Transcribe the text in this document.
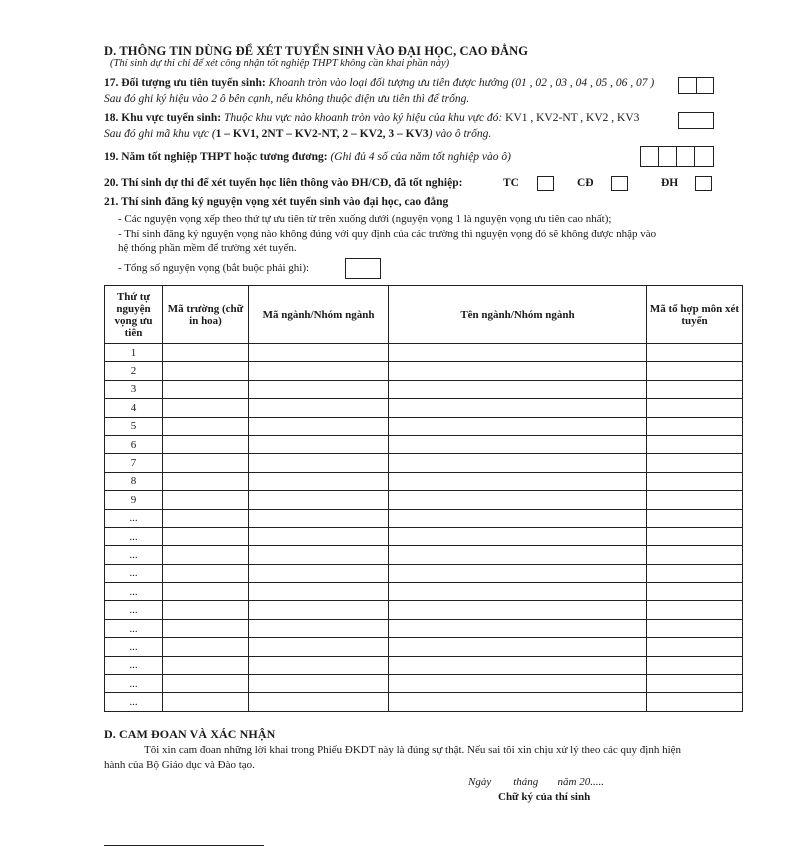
D. THÔNG TIN DÙNG ĐỂ XÉT TUYỂN SINH VÀO ĐẠI HỌC, CAO ĐẲNG
(Thí sinh dự thi chỉ để xét công nhận tốt nghiệp THPT không cần khai phần này)
17. Đối tượng ưu tiên tuyển sinh: Khoanh tròn vào loại đối tượng ưu tiên được hưởng (01 , 02 , 03 , 04 , 05 , 06 , 07 )
Sau đó ghi ký hiệu vào 2 ô bên cạnh, nếu không thuộc diện ưu tiên thì để trống.
18. Khu vực tuyển sinh: Thuộc khu vực nào khoanh tròn vào ký hiệu của khu vực đó: KV1 , KV2-NT , KV2 , KV3
Sau đó ghi mã khu vực (1 – KV1, 2NT – KV2-NT, 2 – KV2, 3 – KV3) vào ô trống.
19. Năm tốt nghiệp THPT hoặc tương đương: (Ghi đủ 4 số của năm tốt nghiệp vào ô)
20. Thí sinh dự thi để xét tuyển học liên thông vào ĐH/CĐ, đã tốt nghiệp:	TC	CĐ	ĐH
21. Thí sinh đăng ký nguyện vọng xét tuyển sinh vào đại học, cao đẳng
- Các nguyện vọng xếp theo thứ tự ưu tiên từ trên xuống dưới (nguyện vọng 1 là nguyện vọng ưu tiên cao nhất);
- Thí sinh đăng ký nguyện vọng nào không đúng với quy định của các trường thì nguyện vọng đó sẽ không được nhập vào
hệ thống phần mềm để trường xét tuyển.
- Tổng số nguyện vọng (bắt buộc phải ghi):
Thứ tự nguyện vọng ưu tiên	Mã trường (chữ in hoa)	Mã ngành/Nhóm ngành	Tên ngành/Nhóm ngành	Mã tổ hợp môn xét tuyển
1				
2				
3				
4				
5				
6				
7				
8				
9				
...				
...				
...				
...				
...				
...				
...				
...				
...				
...				
...				
D. CAM ĐOAN VÀ XÁC NHẬN
Tôi xin cam đoan những lời khai trong Phiếu ĐKDT này là đúng sự thật. Nếu sai tôi xin chịu xử lý theo các quy định hiện
hành của Bộ Giáo dục và Đào tạo.
Ngày        tháng       năm 20.....
Chữ ký của thí sinh
